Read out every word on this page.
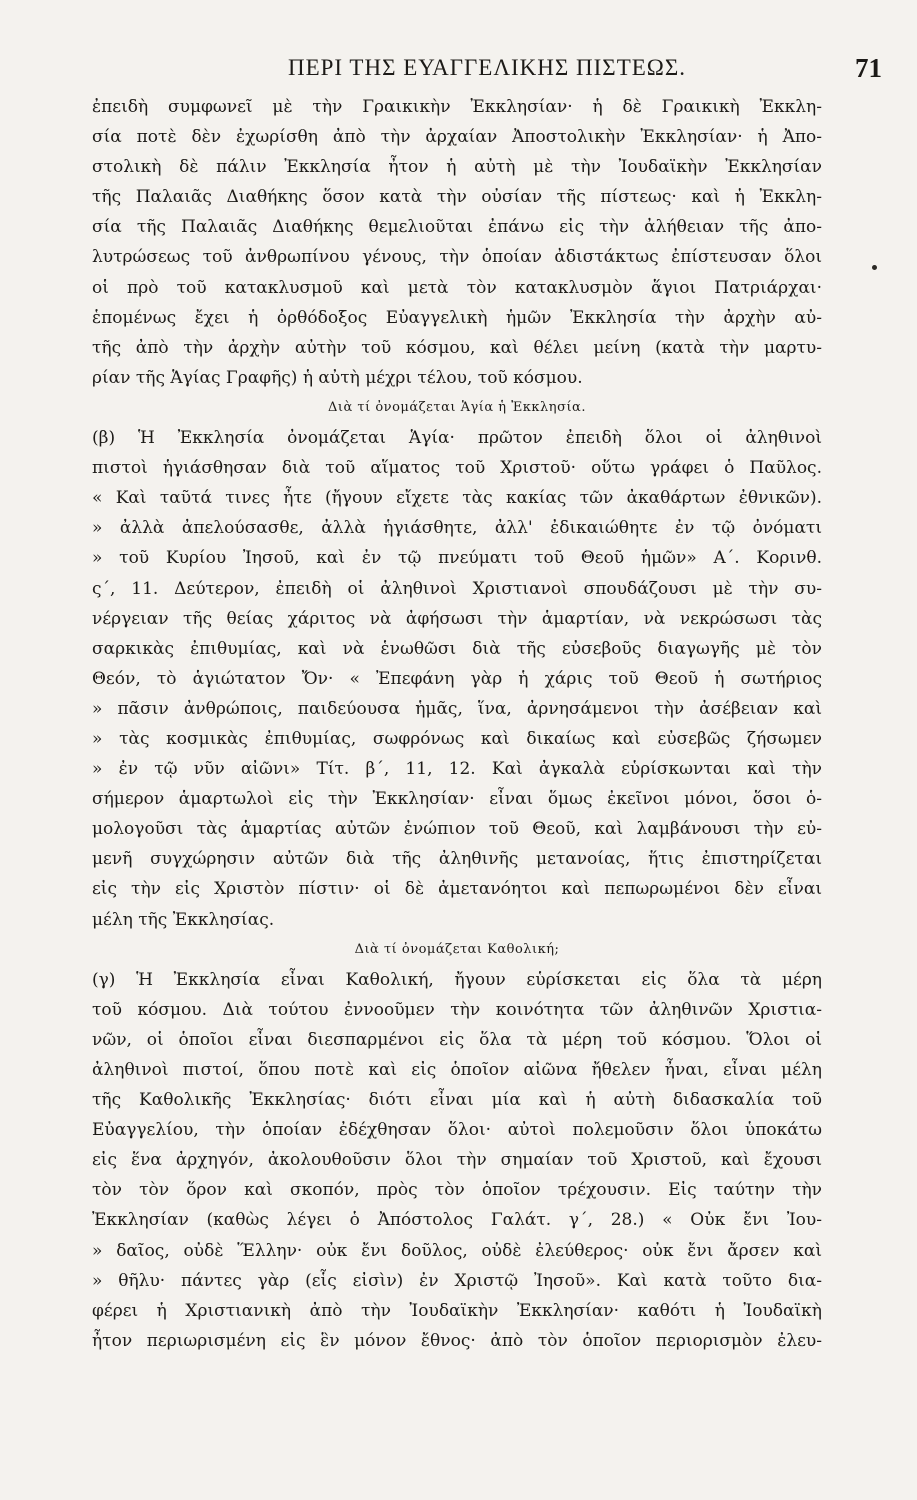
ΠΕΡΙ ΤΗΣ ΕΥΑΓΓΕΛΙΚΗΣ ΠΙΣΤΕΩΣ.	71
ἐπειδὴ συμφωνεῖ μὲ τὴν Γραικικὴν Ἐκκλησίαν· ἡ δὲ Γραικικὴ Ἐκκλη-
σία ποτὲ δὲν ἐχωρίσθη ἀπὸ τὴν ἀρχαίαν Ἀποστολικὴν Ἐκκλησίαν· ἡ Ἀπο-
στολικὴ δὲ πάλιν Ἐκκλησία ἦτον ἡ αὐτὴ μὲ τὴν Ἰουδαϊκὴν Ἐκκλησίαν
τῆς Παλαιᾶς Διαθήκης ὅσον κατὰ τὴν οὐσίαν τῆς πίστεως· καὶ ἡ Ἐκκλη-
σία τῆς Παλαιᾶς Διαθήκης θεμελιοῦται ἐπάνω εἰς τὴν ἀλήθειαν τῆς ἀπο-
λυτρώσεως τοῦ ἀνθρωπίνου γένους, τὴν ὁποίαν ἀδιστάκτως ἐπίστευσαν ὅλοι
οἱ πρὸ τοῦ κατακλυσμοῦ καὶ μετὰ τὸν κατακλυσμὸν ἅγιοι Πατριάρχαι·
ἑπομένως ἔχει ἡ ὀρθόδοξος Εὐαγγελικὴ ἡμῶν Ἐκκλησία τὴν ἀρχὴν αὐ-
τῆς ἀπὸ τὴν ἀρχὴν αὐτὴν τοῦ κόσμου, καὶ θέλει μείνη (κατὰ τὴν μαρτυ-
ρίαν τῆς Ἁγίας Γραφῆς) ἡ αὐτὴ μέχρι τέλου, τοῦ κόσμου.
Διὰ τί ὀνομάζεται Ἁγία ἡ Ἐκκλησία.
(β) Ἡ Ἐκκλησία ὀνομάζεται Ἁγία· πρῶτον ἐπειδὴ ὅλοι οἱ ἀληθινοὶ
πιστοὶ ἡγιάσθησαν διὰ τοῦ αἵματος τοῦ Χριστοῦ· οὕτω γράφει ὁ Παῦλος.
« Καὶ ταῦτά τινες ἦτε (ἤγουν εἴχετε τὰς κακίας τῶν ἀκαθάρτων ἐθνικῶν).
» ἀλλὰ ἀπελούσασθε, ἀλλὰ ἡγιάσθητε, ἀλλ' ἐδικαιώθητε ἐν τῷ ὀνόματι
» τοῦ Κυρίου Ἰησοῦ, καὶ ἐν τῷ πνεύματι τοῦ Θεοῦ ἡμῶν» Α΄. Κορινθ.
ς΄, 11. Δεύτερον, ἐπειδὴ οἱ ἀληθινοὶ Χριστιανοὶ σπουδάζουσι μὲ τὴν συ-
νέργειαν τῆς θείας χάριτος νὰ ἀφήσωσι τὴν ἁμαρτίαν, νὰ νεκρώσωσι τὰς
σαρκικὰς ἐπιθυμίας, καὶ νὰ ἑνωθῶσι διὰ τῆς εὐσεβοῦς διαγωγῆς μὲ τὸν
Θεόν, τὸ ἁγιώτατον Ὄν· « Ἐπεφάνη γὰρ ἡ χάρις τοῦ Θεοῦ ἡ σωτήριος
» πᾶσιν ἀνθρώποις, παιδεύουσα ἡμᾶς, ἵνα, ἀρνησάμενοι τὴν ἀσέβειαν καὶ
» τὰς κοσμικὰς ἐπιθυμίας, σωφρόνως καὶ δικαίως καὶ εὐσεβῶς ζήσωμεν
» ἐν τῷ νῦν αἰῶνι» Τίτ. β΄, 11, 12. Καὶ ἀγκαλὰ εὑρίσκωνται καὶ τὴν
σήμερον ἁμαρτωλοὶ εἰς τὴν Ἐκκλησίαν· εἶναι ὅμως ἐκεῖνοι μόνοι, ὅσοι ὁ-
μολογοῦσι τὰς ἁμαρτίας αὐτῶν ἐνώπιον τοῦ Θεοῦ, καὶ λαμβάνουσι τὴν εὐ-
μενῆ συγχώρησιν αὐτῶν διὰ τῆς ἀληθινῆς μετανοίας, ἥτις ἐπιστηρίζεται
εἰς τὴν εἰς Χριστὸν πίστιν· οἱ δὲ ἀμετανόητοι καὶ πεπωρωμένοι δὲν εἶναι
μέλη τῆς Ἐκκλησίας.
Διὰ τί ὀνομάζεται Καθολική;
(γ) Ἡ Ἐκκλησία εἶναι Καθολική, ἤγουν εὑρίσκεται εἰς ὅλα τὰ μέρη
τοῦ κόσμου. Διὰ τούτου ἐννοοῦμεν τὴν κοινότητα τῶν ἀληθινῶν Χριστια-
νῶν, οἱ ὁποῖοι εἶναι διεσπαρμένοι εἰς ὅλα τὰ μέρη τοῦ κόσμου. Ὅλοι οἱ
ἀληθινοὶ πιστοί, ὅπου ποτὲ καὶ εἰς ὁποῖον αἰῶνα ἤθελεν ἦναι, εἶναι μέλη
τῆς Καθολικῆς Ἐκκλησίας· διότι εἶναι μία καὶ ἡ αὐτὴ διδασκαλία τοῦ
Εὐαγγελίου, τὴν ὁποίαν ἐδέχθησαν ὅλοι· αὐτοὶ πολεμοῦσιν ὅλοι ὑποκάτω
εἰς ἕνα ἀρχηγόν, ἀκολουθοῦσιν ὅλοι τὴν σημαίαν τοῦ Χριστοῦ, καὶ ἔχουσι
τὸν τὸν ὅρον καὶ σκοπόν, πρὸς τὸν ὁποῖον τρέχουσιν. Εἰς ταύτην τὴν
Ἐκκλησίαν (καθὼς λέγει ὁ Ἀπόστολος Γαλάτ. γ΄, 28.) « Οὐκ ἔνι Ἰου-
» δαῖος, οὐδὲ Ἕλλην· οὐκ ἔνι δοῦλος, οὐδὲ ἐλεύθερος· οὐκ ἔνι ἄρσεν καὶ
» θῆλυ· πάντες γὰρ (εἷς εἰσὶν) ἐν Χριστῷ Ἰησοῦ». Καὶ κατὰ τοῦτο δια-
φέρει ἡ Χριστιανικὴ ἀπὸ τὴν Ἰουδαϊκὴν Ἐκκλησίαν· καθότι ἡ Ἰουδαϊκὴ
ἦτον περιωρισμένη εἰς ἓν μόνον ἔθνος· ἀπὸ τὸν ὁποῖον περιορισμὸν ἐλευ-
